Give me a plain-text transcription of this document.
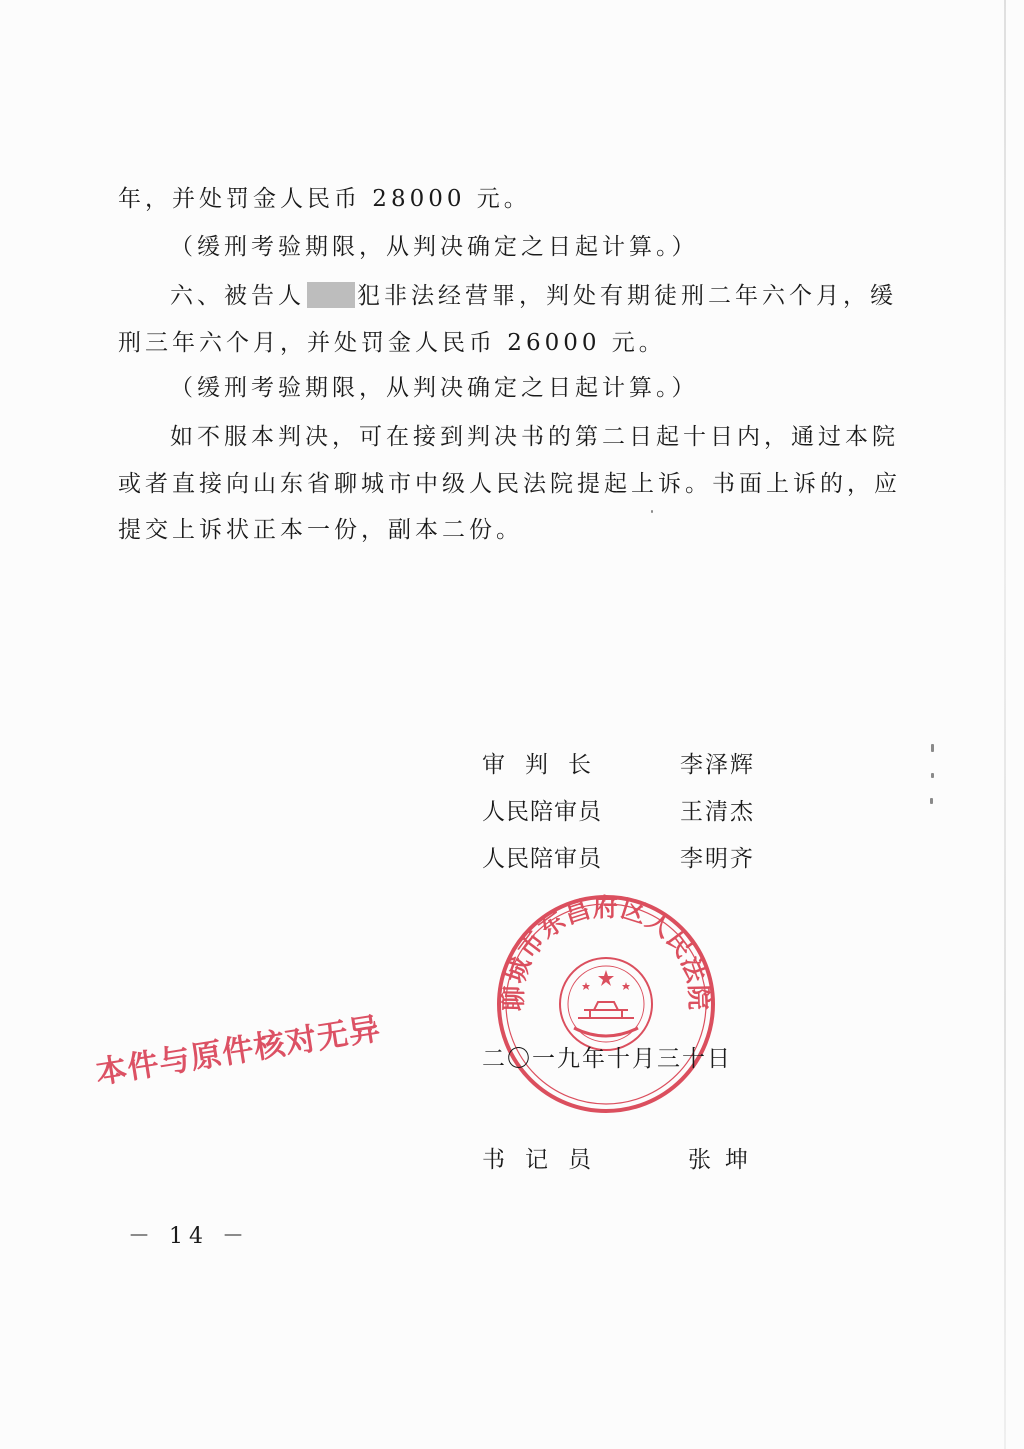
年，并处罚金人民币 28000 元。
（缓刑考验期限，从判决确定之日起计算。）
六、被告人 犯非法经营罪，判处有期徒刑二年六个月，缓
刑三年六个月，并处罚金人民币 26000 元。
（缓刑考验期限，从判决确定之日起计算。）
如不服本判决，可在接到判决书的第二日起十日内，通过本院
或者直接向山东省聊城市中级人民法院提起上诉。书面上诉的，应
提交上诉状正本一份，副本二份。
审判长	李泽辉
人民陪审员	王清杰
人民陪审员	李明齐
聊城市东昌府区人民法院
二〇一九年十月三十日
本件与原件核对无异
书记员	张坤
－ 14 －
